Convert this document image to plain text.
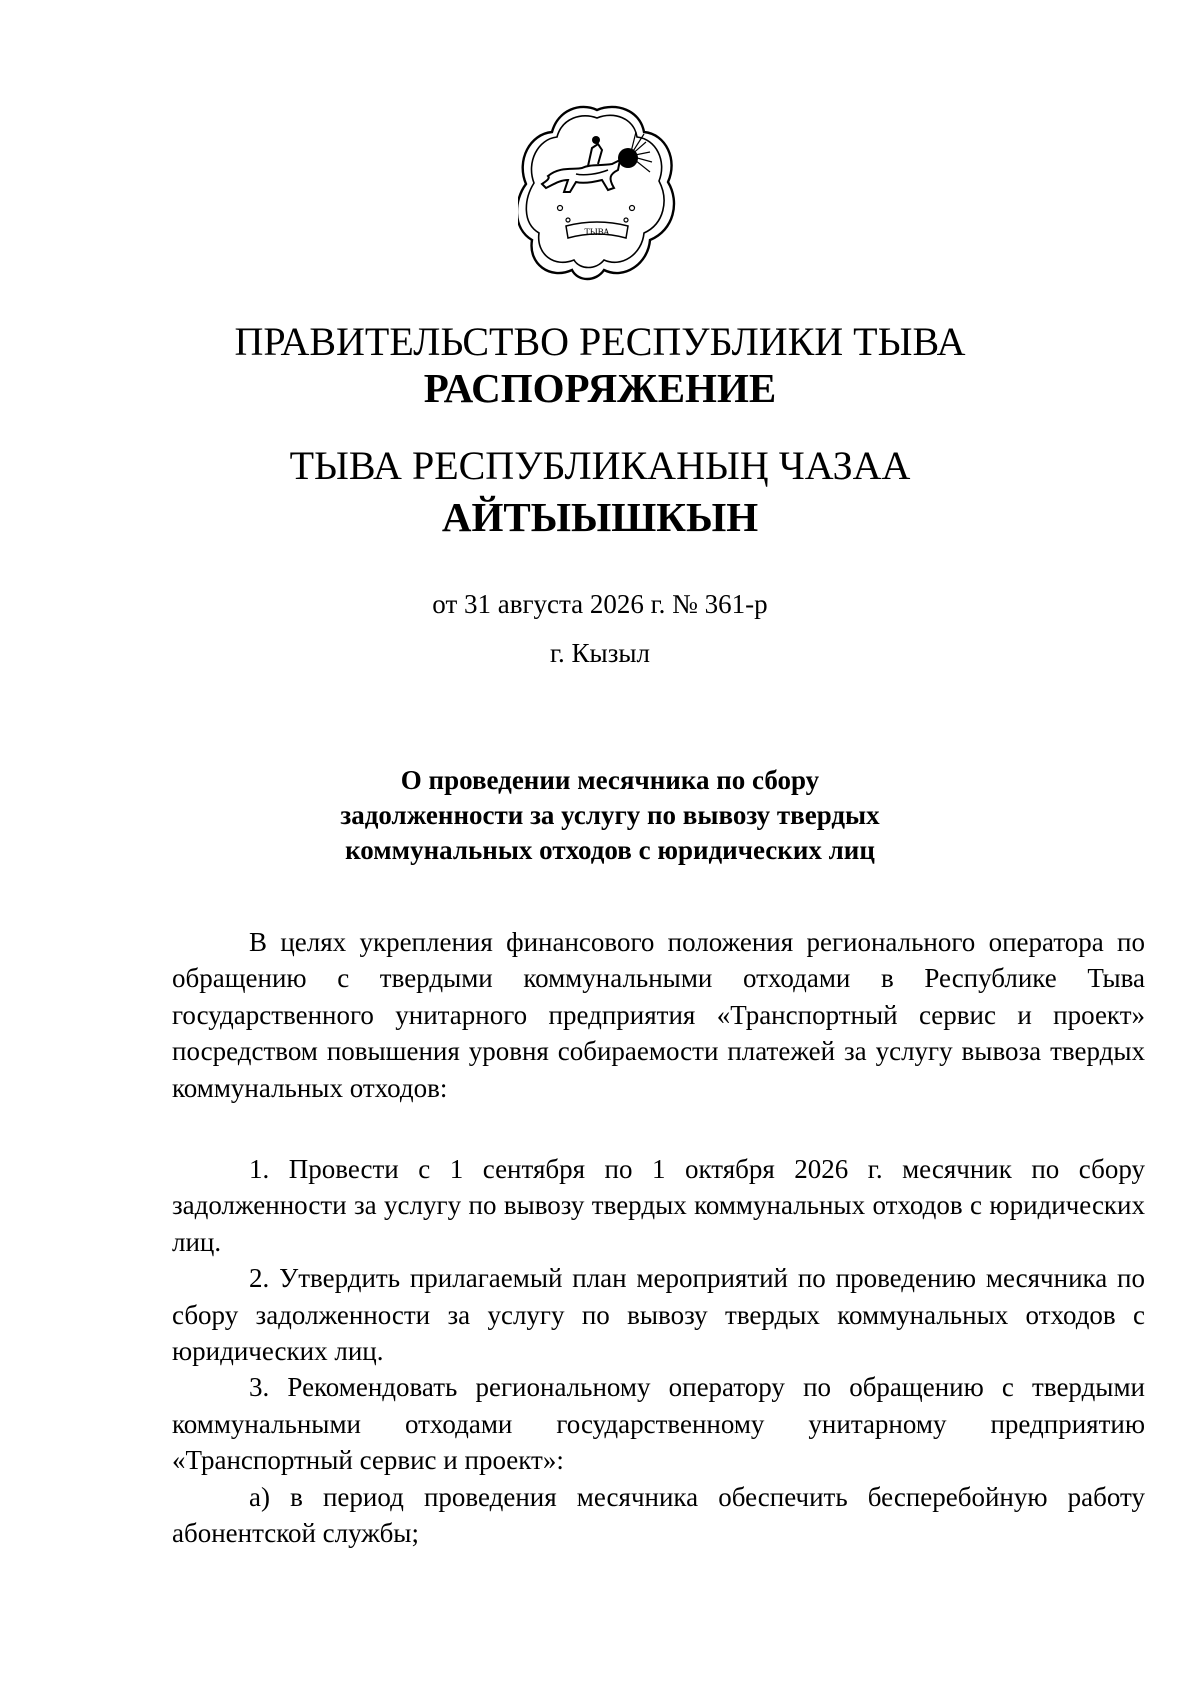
ТЫВА
ПРАВИТЕЛЬСТВО РЕСПУБЛИКИ ТЫВА
РАСПОРЯЖЕНИЕ
ТЫВА РЕСПУБЛИКАНЫҢ ЧАЗАА
АЙТЫЫШКЫН
от 31 августа 2026 г. № 361-р
г. Кызыл
О проведении месячника по сбору
задолженности за услугу по вывозу твердых
коммунальных отходов с юридических лиц

В целях укрепления финансового положения регионального оператора по обращению с твердыми коммунальными отходами в Республике Тыва государственного унитарного предприятия «Транспортный сервис и проект» посредством повышения уровня собираемости платежей за услугу вывоза твердых коммунальных отходов:

1. Провести с 1 сентября по 1 октября 2026 г. месячник по сбору задолженности за услугу по вывозу твердых коммунальных отходов с юридических лиц.

2. Утвердить прилагаемый план мероприятий по проведению месячника по сбору задолженности за услугу по вывозу твердых коммунальных отходов с юридических лиц.

3. Рекомендовать региональному оператору по обращению с твердыми коммунальными отходами государственному унитарному предприятию «Транспортный сервис и проект»:

а) в период проведения месячника обеспечить бесперебойную работу абонентской службы;
